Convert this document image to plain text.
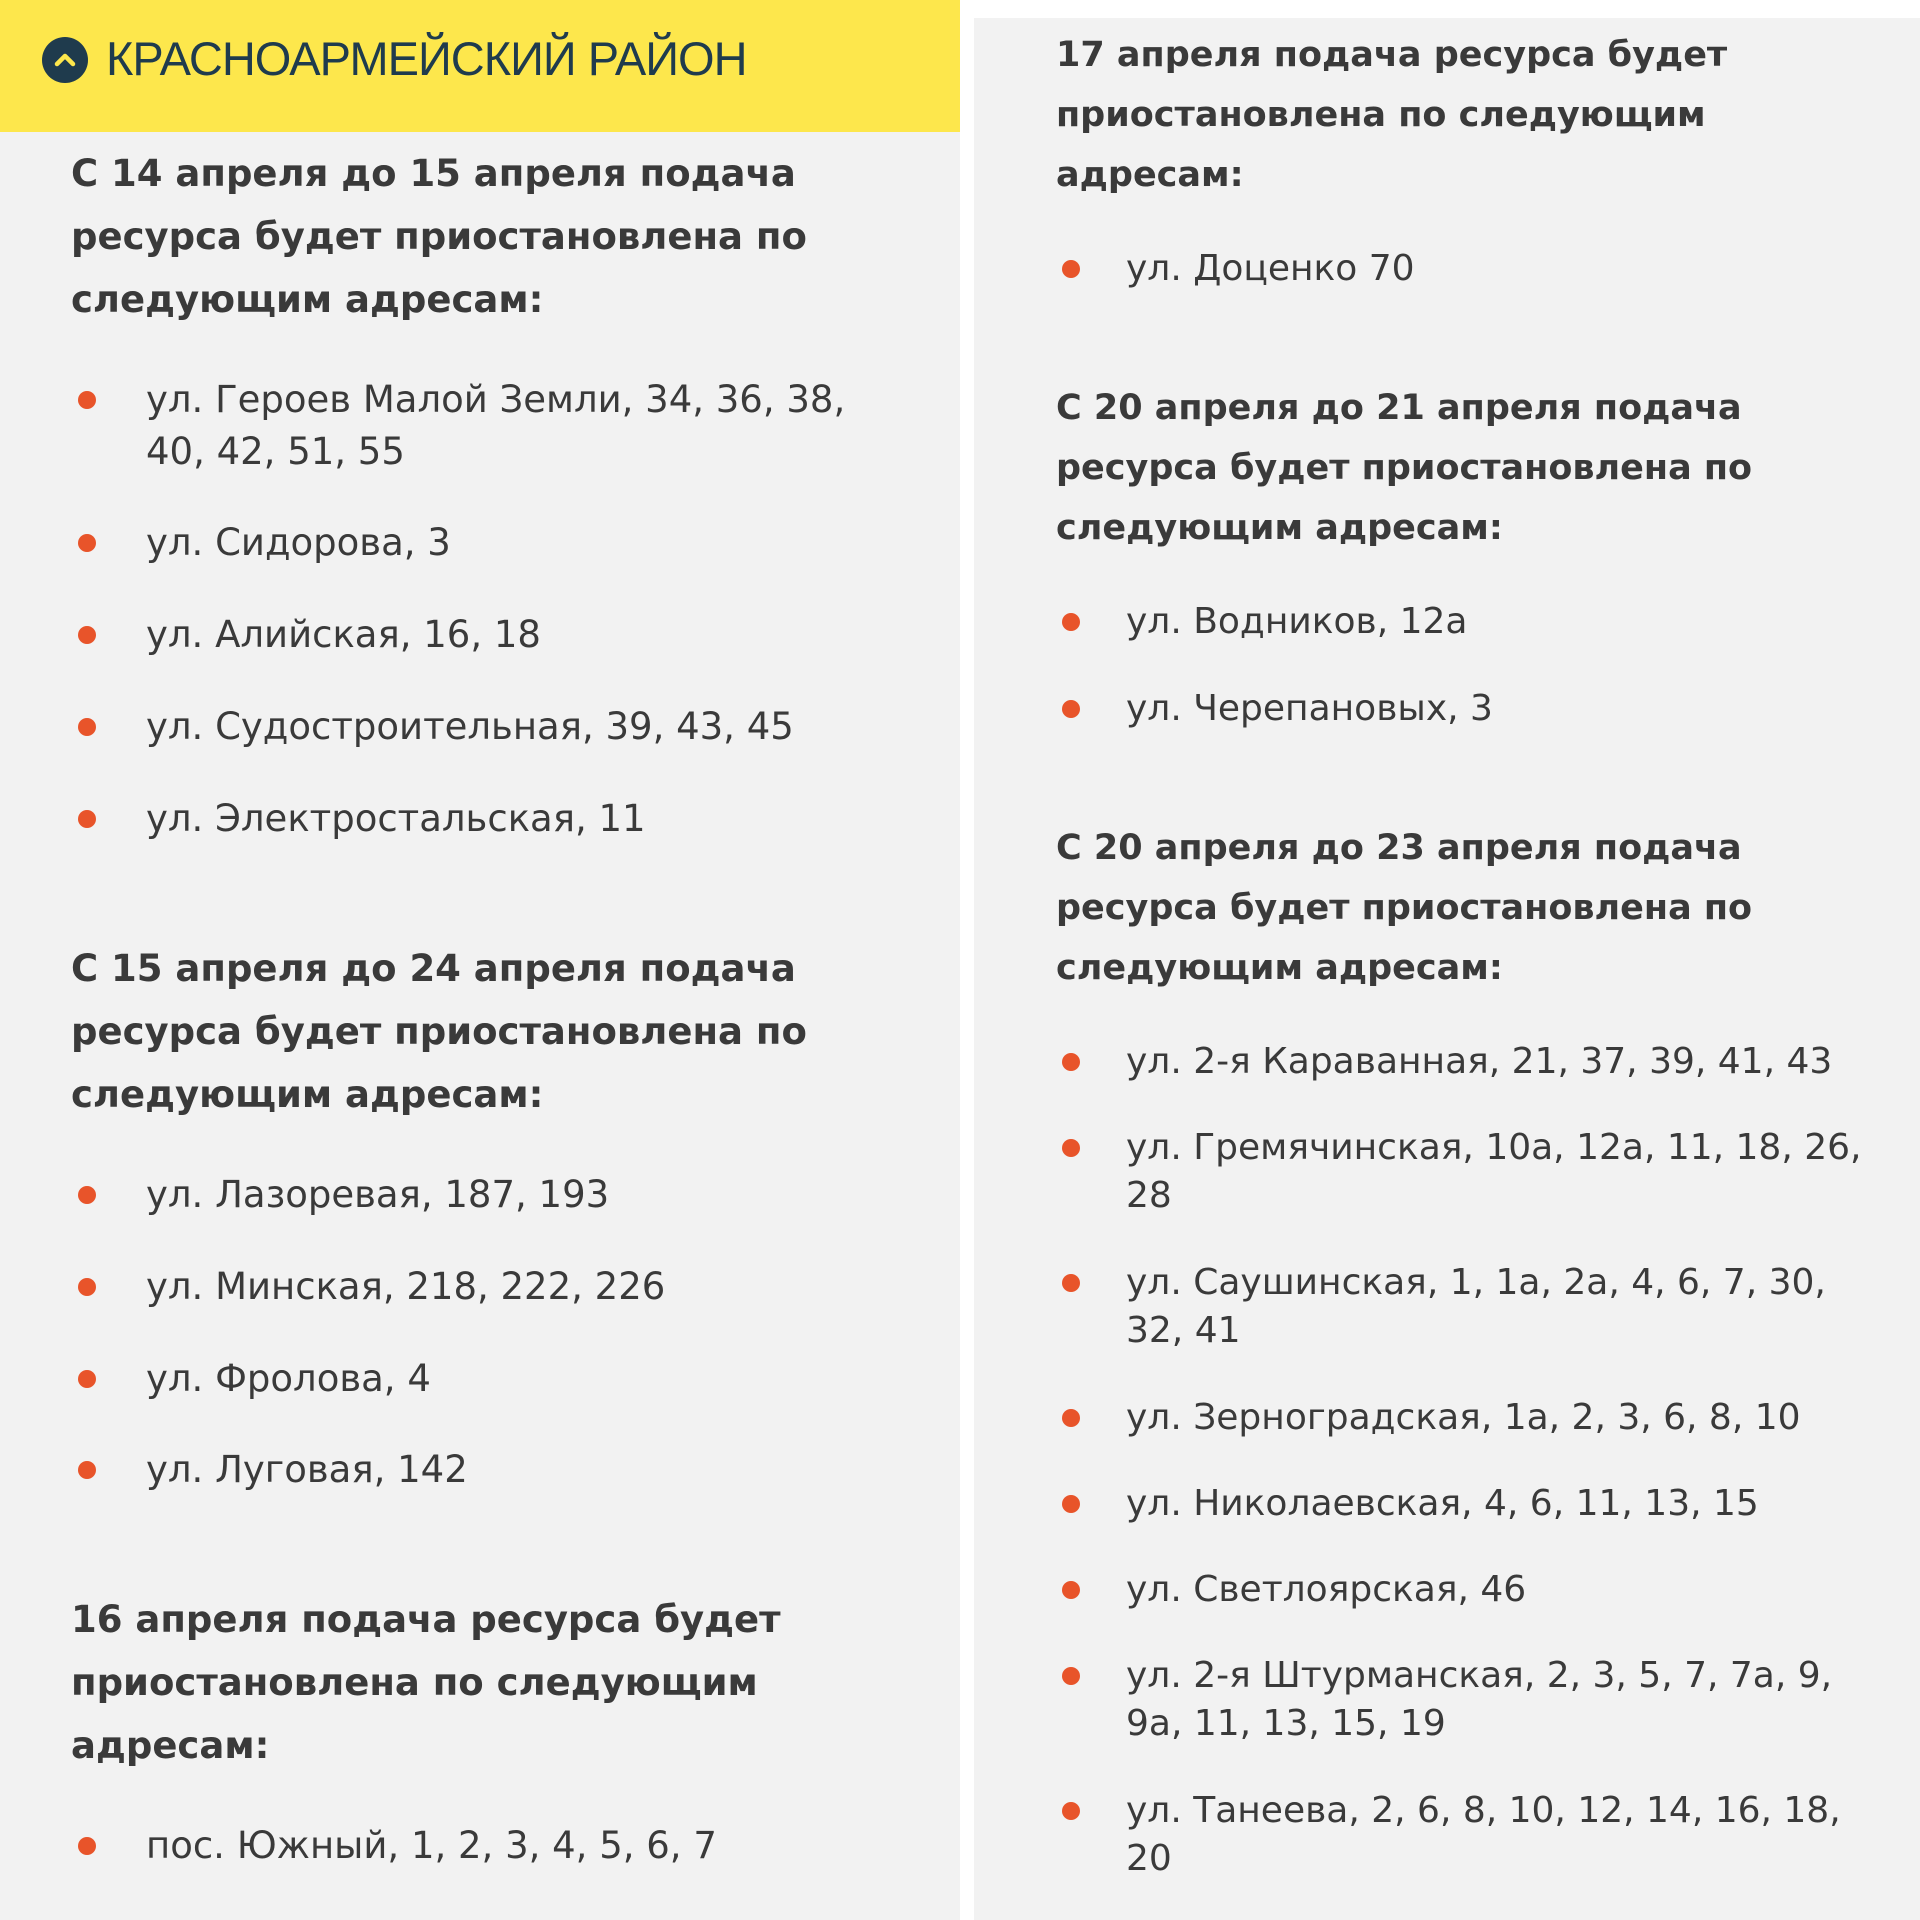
КРАСНОАРМЕЙСКИЙ РАЙОН
С 14 апреля до 15 апреля подача
ресурса будет приостановлена по
следующим адресам:
ул. Героев Малой Земли, 34, 36, 38,
40, 42, 51, 55
ул. Сидорова, 3
ул. Алийская, 16, 18
ул. Судостроительная, 39, 43, 45
ул. Электростальская, 11
С 15 апреля до 24 апреля подача
ресурса будет приостановлена по
следующим адресам:
ул. Лазоревая, 187, 193
ул. Минская, 218, 222, 226
ул. Фролова, 4
ул. Луговая, 142
16 апреля подача ресурса будет
приостановлена по следующим
адресам:
пос. Южный, 1, 2, 3, 4, 5, 6, 7
17 апреля подача ресурса будет
приостановлена по следующим
адресам:
ул. Доценко 70
С 20 апреля до 21 апреля подача
ресурса будет приостановлена по
следующим адресам:
ул. Водников, 12а
ул. Черепановых, 3
С 20 апреля до 23 апреля подача
ресурса будет приостановлена по
следующим адресам:
ул. 2-я Караванная, 21, 37, 39, 41, 43
ул. Гремячинская, 10а, 12а, 11, 18, 26,
28
ул. Саушинская, 1, 1а, 2а, 4, 6, 7, 30,
32, 41
ул. Зерноградская, 1а, 2, 3, 6, 8, 10
ул. Николаевская, 4, 6, 11, 13, 15
ул. Светлоярская, 46
ул. 2-я Штурманская, 2, 3, 5, 7, 7а, 9,
9а, 11, 13, 15, 19
ул. Танеева, 2, 6, 8, 10, 12, 14, 16, 18,
20
